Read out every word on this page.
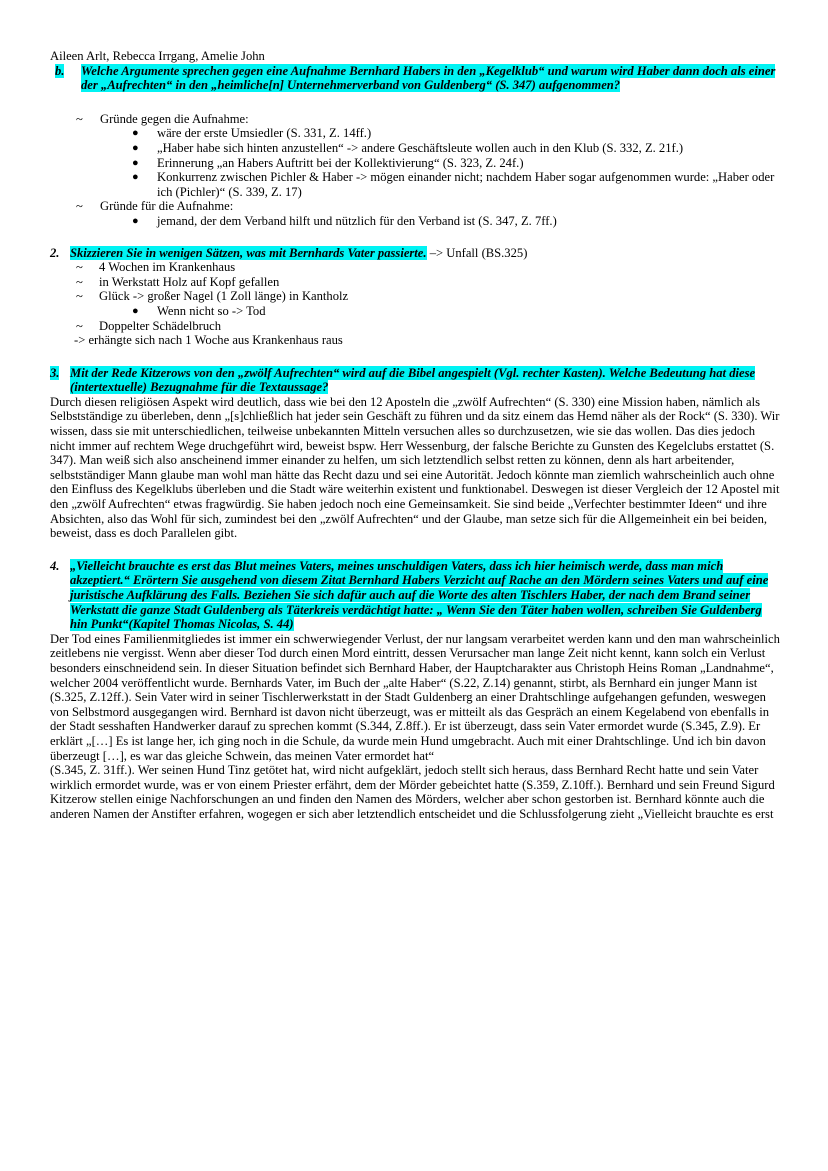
Aileen Arlt, Rebecca Irrgang, Amelie John

b.	Welche Argumente sprechen gegen eine Aufnahme Bernhard Habers in den „Kegelklub“ und warum wird Haber dann doch als einer der „Aufrechten“ in den „heimliche[n] Unternehmerverband von Guldenberg“ (S. 347) aufgenommen?
~ Gründe gegen die Aufnahme:
● wäre der erste Umsiedler (S. 331, Z. 14ff.)
● „Haber habe sich hinten anzustellen“ -> andere Geschäftsleute wollen auch in den Klub (S. 332, Z. 21f.)
● Erinnerung „an Habers Auftritt bei der Kollektivierung“ (S. 323, Z. 24f.)
● Konkurrenz zwischen Pichler & Haber -> mögen einander nicht; nachdem Haber sogar aufgenommen wurde: „Haber oder ich (Pichler)“ (S. 339, Z. 17)
~ Gründe für die Aufnahme:
● jemand, der dem Verband hilft und nützlich für den Verband ist (S. 347, Z. 7ff.)
2. Skizzieren Sie in wenigen Sätzen, was mit Bernhards Vater passierte. –> Unfall (BS.325)
~ 4 Wochen im Krankenhaus
~ in Werkstatt Holz auf Kopf gefallen
~ Glück -> großer Nagel (1 Zoll länge) in Kantholz
● Wenn nicht so -> Tod
~ Doppelter Schädelbruch

-> erhängte sich nach 1 Woche aus Krankenhaus raus

3. Mit der Rede Kitzerows von den „zwölf Aufrechten“ wird auf die Bibel angespielt (Vgl. rechter Kasten). Welche Bedeutung hat diese (intertextuelle) Bezugnahme für die Textaussage?

Durch diesen religiösen Aspekt wird deutlich, dass wie bei den 12 Aposteln die „zwölf Aufrechten“ (S. 330) eine Mission haben, nämlich als Selbstständige zu überleben, denn „[s]chließlich hat jeder sein Geschäft zu führen und da sitz einem das Hemd näher als der Rock“ (S. 330). Wir wissen, dass sie mit unterschiedlichen, teilweise unbekannten Mitteln versuchen alles so durchzusetzen, wie sie das wollen. Das dies jedoch nicht immer auf rechtem Wege druchgeführt wird, beweist bspw. Herr Wessenburg, der falsche Berichte zu Gunsten des Kegelclubs erstattet (S. 347). Man weiß sich also anscheinend immer einander zu helfen, um sich letztendlich selbst retten zu können, denn als hart arbeitender, selbstständiger Mann glaube man wohl man hätte das Recht dazu und sei eine Autorität. Jedoch könnte man ziemlich wahrscheinlich auch ohne den Einfluss des Kegelklubs überleben und die Stadt wäre weiterhin existent und funktionabel. Deswegen ist dieser Vergleich der 12 Apostel mit den „zwölf Aufrechten“ etwas fragwürdig. Sie haben jedoch noch eine Gemeinsamkeit. Sie sind beide „Verfechter bestimmter Ideen“ und ihre Absichten, also das Wohl für sich, zumindest bei den „zwölf Aufrechten“ und der Glaube, man setze sich für die Allgemeinheit ein bei beiden, beweist, dass es doch Parallelen gibt.

4. „Vielleicht brauchte es erst das Blut meines Vaters, meines unschuldigen Vaters, dass ich hier heimisch werde, dass man mich akzeptiert.“ Erörtern Sie ausgehend von diesem Zitat Bernhard Habers Verzicht auf Rache an den Mördern seines Vaters und auf eine juristische Aufklärung des Falls. Beziehen Sie sich dafür auch auf die Worte des alten Tischlers Haber, der nach dem Brand seiner Werkstatt die ganze Stadt Guldenberg als Täterkreis verdächtigt hatte: „ Wenn Sie den Täter haben wollen, schreiben Sie Guldenberg hin Punkt“(Kapitel Thomas Nicolas, S. 44)

Der Tod eines Familienmitgliedes ist immer ein schwerwiegender Verlust, der nur langsam verarbeitet werden kann und den man wahrscheinlich zeitlebens nie vergisst. Wenn aber dieser Tod durch einen Mord eintritt, dessen Verursacher man lange Zeit nicht kennt, kann solch ein Verlust besonders einschneidend sein. In dieser Situation befindet sich Bernhard Haber, der Hauptcharakter aus Christoph Heins Roman „Landnahme“, welcher 2004 veröffentlicht wurde. Bernhards Vater, im Buch der „alte Haber“ (S.22, Z.14) genannt, stirbt, als Bernhard ein junger Mann ist (S.325, Z.12ff.). Sein Vater wird in seiner Tischlerwerkstatt in der Stadt Guldenberg an einer Drahtschlinge aufgehangen gefunden, weswegen von Selbstmord ausgegangen wird. Bernhard ist davon nicht überzeugt, was er mitteilt als das Gespräch an einem Kegelabend von ebenfalls in der Stadt sesshaften Handwerker darauf zu sprechen kommt (S.344, Z.8ff.). Er ist überzeugt, dass sein Vater ermordet wurde (S.345, Z.9). Er erklärt „[…] Es ist lange her, ich ging noch in die Schule, da wurde mein Hund umgebracht. Auch mit einer Drahtschlinge. Und ich bin davon überzeugt […], es war das gleiche Schwein, das meinen Vater ermordet hat“

(S.345, Z. 31ff.). Wer seinen Hund Tinz getötet hat, wird nicht aufgeklärt, jedoch stellt sich heraus, dass Bernhard Recht hatte und sein Vater wirklich ermordet wurde, was er von einem Priester erfährt, dem der Mörder gebeichtet hatte (S.359, Z.10ff.). Bernhard und sein Freund Sigurd Kitzerow stellen einige Nachforschungen an und finden den Namen des Mörders, welcher aber schon gestorben ist. Bernhard könnte auch die anderen Namen der Anstifter erfahren, wogegen er sich aber letztendlich entscheidet und die Schlussfolgerung zieht „Vielleicht brauchte es erst
